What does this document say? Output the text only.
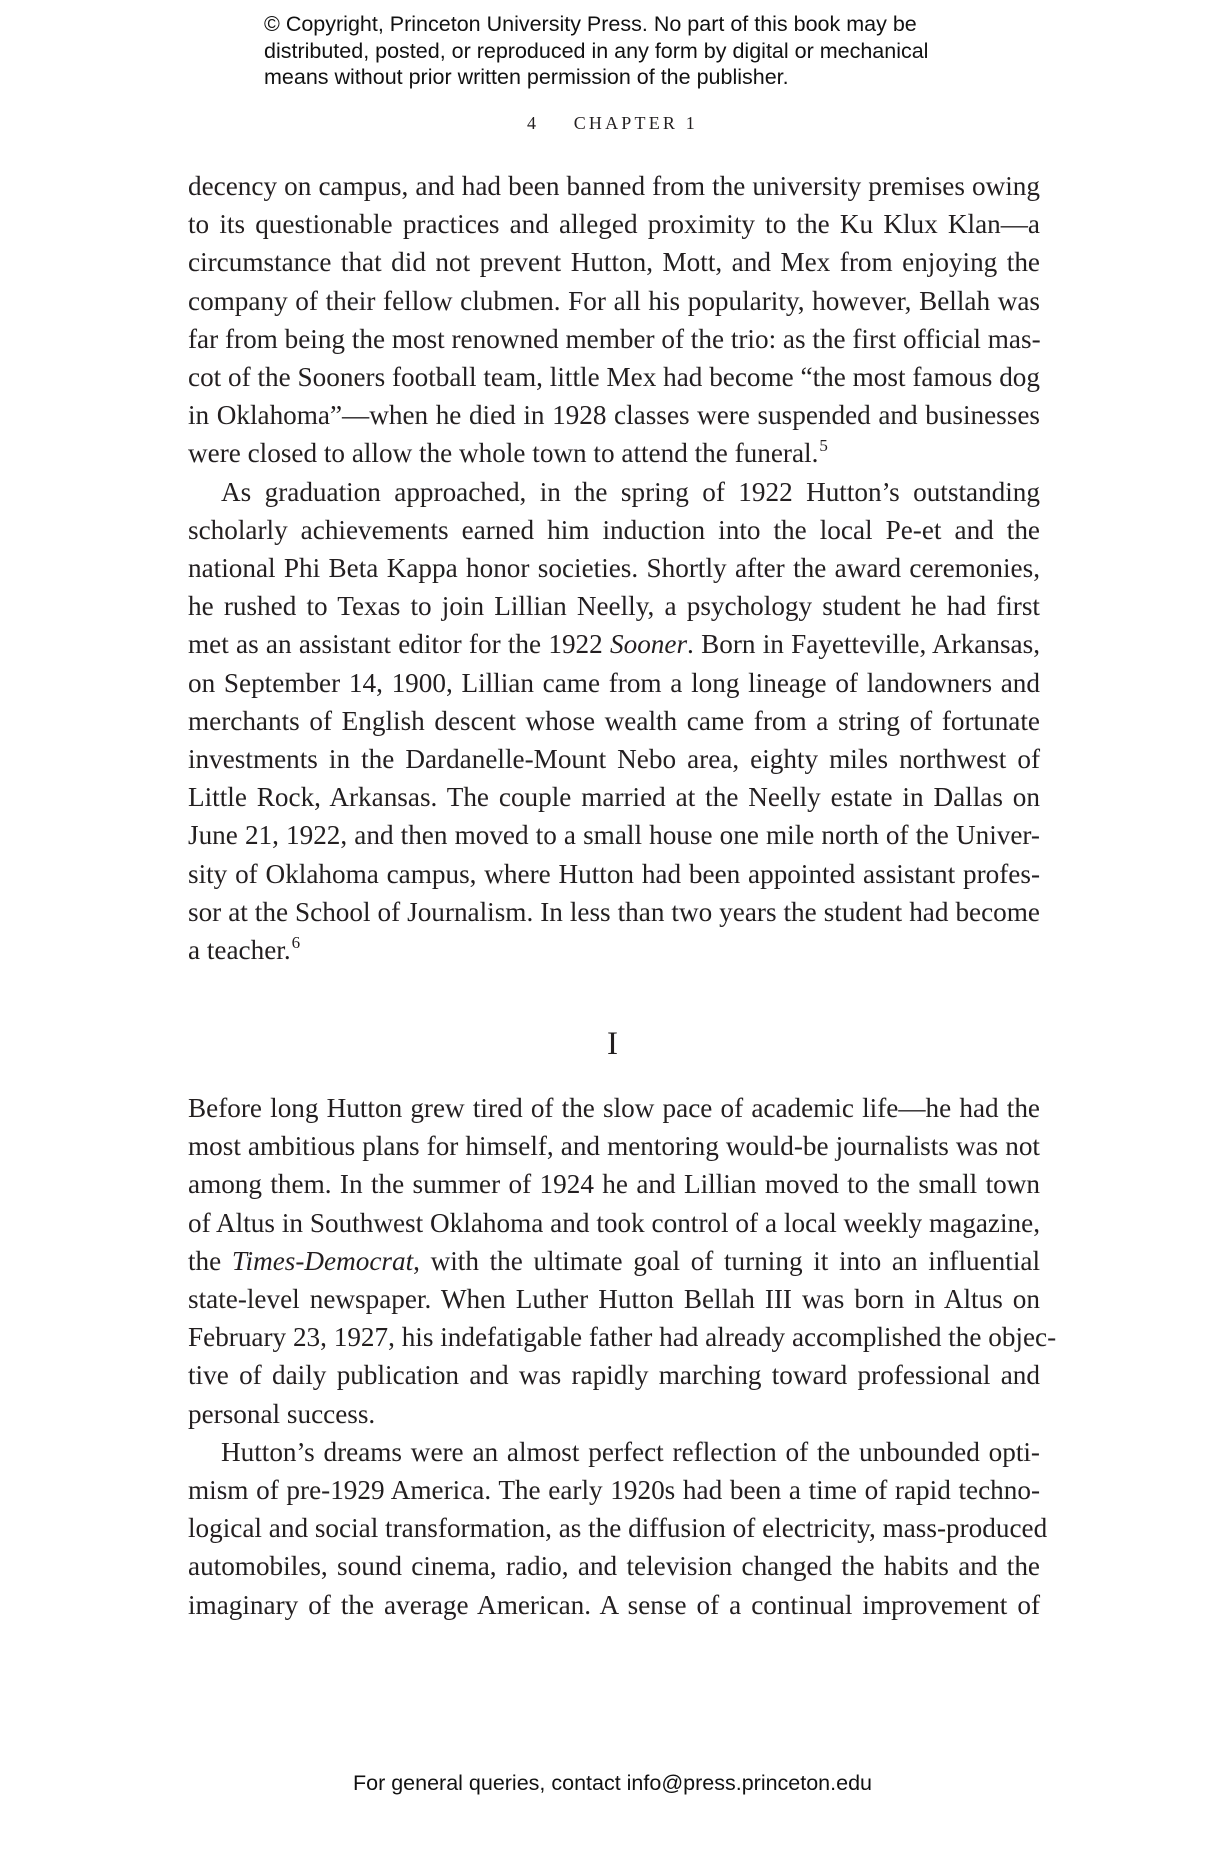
© Copyright, Princeton University Press. No part of this book may be
distributed, posted, or reproduced in any form by digital or mechanical
means without prior written permission of the publisher.
4 CHAPTER 1

decency on campus, and had been banned from the university premises owing
to its questionable practices and alleged proximity to the Ku Klux Klan—a
circumstance that did not prevent Hutton, Mott, and Mex from enjoying the
company of their fellow clubmen. For all his popularity, however, Bellah was
far from being the most renowned member of the trio: as the first official mas-
cot of the Sooners football team, little Mex had become “the most famous dog
in Oklahoma”—when he died in 1928 classes were suspended and businesses
were closed to allow the whole town to attend the funeral.$^5$

As graduation approached, in the spring of 1922 Hutton’s outstanding
scholarly achievements earned him induction into the local Pe-et and the
national Phi Beta Kappa honor societies. Shortly after the award ceremonies,
he rushed to Texas to join Lillian Neelly, a psychology student he had first
met as an assistant editor for the 1922 Sooner. Born in Fayetteville, Arkansas,
on September 14, 1900, Lillian came from a long lineage of landowners and
merchants of English descent whose wealth came from a string of fortunate
investments in the Dardanelle-Mount Nebo area, eighty miles northwest of
Little Rock, Arkansas. The couple married at the Neelly estate in Dallas on
June 21, 1922, and then moved to a small house one mile north of the Univer-
sity of Oklahoma campus, where Hutton had been appointed assistant profes-
sor at the School of Journalism. In less than two years the student had become
a teacher.$^6$

I

Before long Hutton grew tired of the slow pace of academic life—he had the
most ambitious plans for himself, and mentoring would-be journalists was not
among them. In the summer of 1924 he and Lillian moved to the small town
of Altus in Southwest Oklahoma and took control of a local weekly magazine,
the Times-Democrat, with the ultimate goal of turning it into an influential
state-level newspaper. When Luther Hutton Bellah III was born in Altus on
February 23, 1927, his indefatigable father had already accomplished the objec-
tive of daily publication and was rapidly marching toward professional and
personal success.

Hutton’s dreams were an almost perfect reflection of the unbounded opti-
mism of pre-1929 America. The early 1920s had been a time of rapid techno-
logical and social transformation, as the diffusion of electricity, mass-produced
automobiles, sound cinema, radio, and television changed the habits and the
imaginary of the average American. A sense of a continual improvement of

For general queries, contact info@press.princeton.edu
